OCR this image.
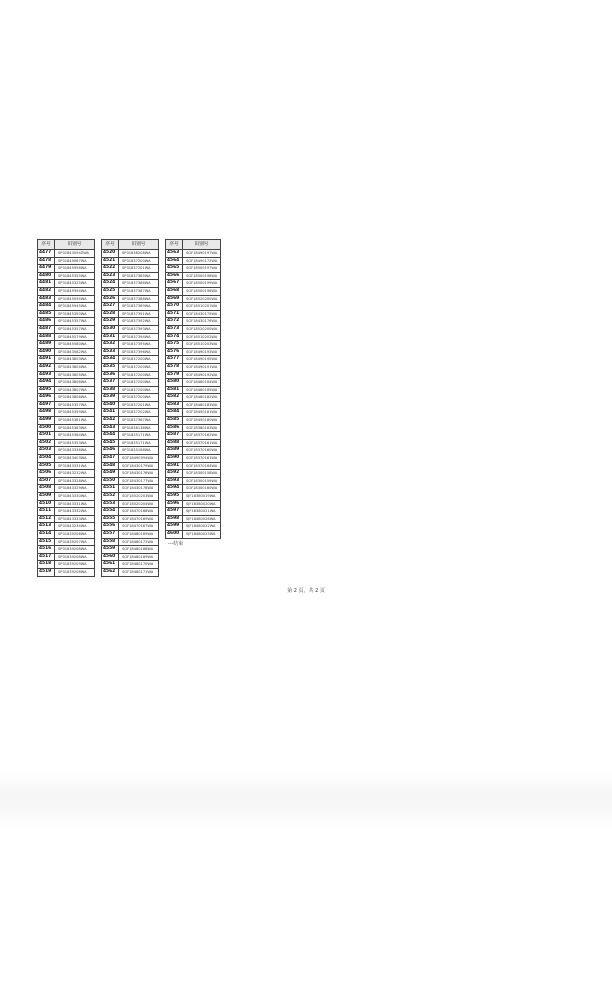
序号	识别号
4477	SP31843094ZWA
4478	SP31849067WA
4479	SP31845956WA
4480	SP31845355WA
4481	SP31840325WA
4482	SP31849394WA
4483	SP31845094WA
4484	SP31845945WA
4485	SP31845350WA
4486	SP31845357WA
4487	SP31845357WA
4488	SP31845579WA
4489	SP31845580WA
4490	SP31843582WA
4491	SP31843803WA
4492	SP31843804WA
4493	SP31843805WA
4494	SP31843806WA
4495	SP31843807WA
4496	SP31843808WA
4497	SP31845357WA
4498	SP31845359WA
4499	SP31845361WA
4500	SP31845363WA
4501	SP31845364WA
4502	SP31845353WA
4503	SP31843336WA
4504	SP31843403WA
4505	SP31843331WA
4506	SP31843232WA
4507	SP31843328WA
4508	SP31843329WA
4509	SP31843330WA
4510	SP31843331WA
4511	SP31843332WA
4512	SP31843333WA
4513	SP31843234WA
4514	SP31839206WA
4515	SP31839207WA
4516	SP31839208WA
4517	SP31839208WA
4518	SP31839209WA
4519	SP31839208WA
序号	识别号
4520	SP31838208WA
4521	SP31837200WA
4522	SP31837201WA
4523	SP31837385WA
4524	SP31837386WA
4525	SP31837387WA
4526	SP31837388WA
4527	SP31837389WA
4528	SP31837391WA
4529	SP31837392WA
4530	SP31837393WA
4531	SP31837394WA
4532	SP31837395WA
4533	SP31837396WA
4534	SP31837200WA
4535	SP31837200WA
4536	SP31837200WA
4537	SP31837200WA
4538	SP31837200WA
4539	SP31837200WA
4540	SP31837201WA
4541	SP31837202WA
4542	SP31837367WA
4543	SP31836136WA
4544	SP31835171WA
4545	SP31835171WA
4546	SP31835168WA
4547	SGF18490594WA
4548	SGF18430179WA
4549	SGF18430176WA
4550	SGF18430177WA
4551	SGF18430178WA
4552	SGF18520203WA
4553	SGF18520204WA
4554	SGF18470168WA
4555	SGF18470169WA
4556	SGF18470167WA
4557	SGF18480169WA
4558	SGF18480172WA
4559	SGF18480168WA
4560	SGF18480169WA
4561	SGF18480170WA
4562	SGF18480171WA
序号	识别号
4563	SGF18490197WA
4564	SGF18490172WA
4565	SGF18500197WA
4566	SGF18500198WA
4567	SGF18500199WA
4568	SGF18500196WA
4569	SGF18520200WA
4570	SGF18510201WA
4571	SGF18430175WA
4572	SGF18430176WA
4573	SGF18520200WA
4574	SGF18510202WA
4575	SGF18510203WA
4576	SGF18490193WA
4577	SGF18490195WA
4578	SGF18490191WA
4579	SGF18490192WA
4580	SGF18460184WA
4581	SGF18460185WA
4582	SGF18460182WA
4583	SGF18460183WA
4584	SGF18450181WA
4585	SGF18450180WA
4586	SGF18380163WA
4587	SGF18370162WA
4588	SGF18370161WA
4589	SGF18370160WA
4590	SGF18370161WA
4591	SGF18370164WA
4592	SGF18300158WA
4593	SGF18300159WA
4594	SGF18300160WA
4595	SJF18360019WA
4596	SJF18380020WA
4597	SJF18380021WA
4598	SJF18480026WA
4599	SJF18480022WA
4600	SJF18480023WA
---结束
第 2 页，共 2 页
